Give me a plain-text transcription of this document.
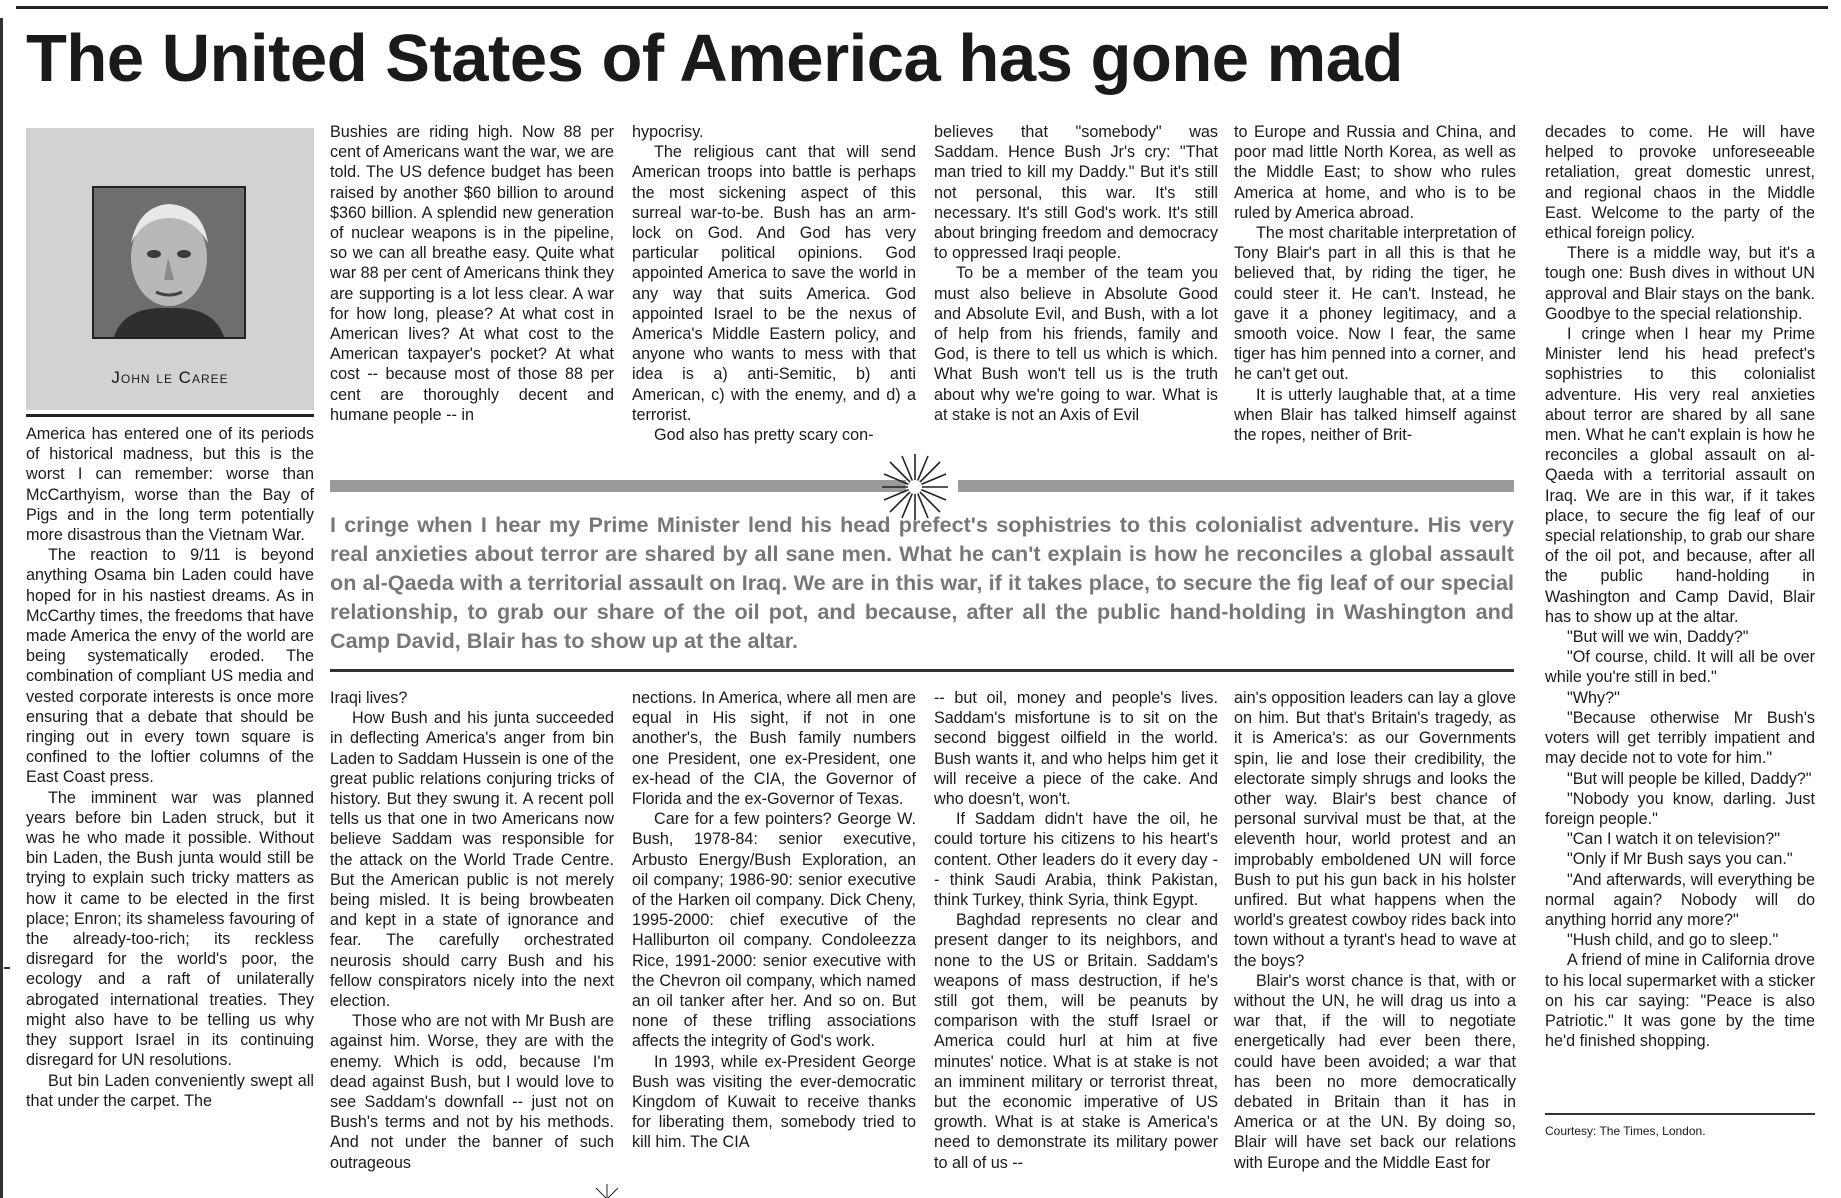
The United States of America has gone mad
John le Caree

America has entered one of its periods of historical madness, but this is the worst I can remember: worse than McCarthyism, worse than the Bay of Pigs and in the long term potentially more disastrous than the Vietnam War.

The reaction to 9/11 is beyond anything Osama bin Laden could have hoped for in his nastiest dreams. As in McCarthy times, the freedoms that have made America the envy of the world are being systematically eroded. The combination of compliant US media and vested corporate interests is once more ensuring that a debate that should be ringing out in every town square is confined to the loftier columns of the East Coast press.

The imminent war was planned years before bin Laden struck, but it was he who made it possible. Without bin Laden, the Bush junta would still be trying to explain such tricky matters as how it came to be elected in the first place; Enron; its shameless favouring of the already-too-rich; its reckless disregard for the world's poor, the ecology and a raft of unilaterally abrogated international treaties. They might also have to be telling us why they support Israel in its continuing disregard for UN resolutions.

But bin Laden conveniently swept all that under the carpet. The

Bushies are riding high. Now 88 per cent of Americans want the war, we are told. The US defence budget has been raised by another $60 billion to around $360 billion. A splendid new generation of nuclear weapons is in the pipeline, so we can all breathe easy. Quite what war 88 per cent of Americans think they are supporting is a lot less clear. A war for how long, please? At what cost in American lives? At what cost to the American taxpayer's pocket? At what cost -- because most of those 88 per cent are thoroughly decent and humane people -- in

hypocrisy.

The religious cant that will send American troops into battle is perhaps the most sickening aspect of this surreal war-to-be. Bush has an arm-lock on God. And God has very particular political opinions. God appointed America to save the world in any way that suits America. God appointed Israel to be the nexus of America's Middle Eastern policy, and anyone who wants to mess with that idea is a) anti-Semitic, b) anti American, c) with the enemy, and d) a terrorist.

God also has pretty scary con-

believes that "somebody" was Saddam. Hence Bush Jr's cry: "That man tried to kill my Daddy." But it's still not personal, this war. It's still necessary. It's still God's work. It's still about bringing freedom and democracy to oppressed Iraqi people.

To be a member of the team you must also believe in Absolute Good and Absolute Evil, and Bush, with a lot of help from his friends, family and God, is there to tell us which is which. What Bush won't tell us is the truth about why we're going to war. What is at stake is not an Axis of Evil

to Europe and Russia and China, and poor mad little North Korea, as well as the Middle East; to show who rules America at home, and who is to be ruled by America abroad.

The most charitable interpretation of Tony Blair's part in all this is that he believed that, by riding the tiger, he could steer it. He can't. Instead, he gave it a phoney legitimacy, and a smooth voice. Now I fear, the same tiger has him penned into a corner, and he can't get out.

It is utterly laughable that, at a time when Blair has talked himself against the ropes, neither of Brit-

I cringe when I hear my Prime Minister lend his head prefect's sophistries to this colonialist adventure. His very real anxieties about terror are shared by all sane men. What he can't explain is how he reconciles a global assault on al-Qaeda with a territorial assault on Iraq. We are in this war, if it takes place, to secure the fig leaf of our special relationship, to grab our share of the oil pot, and because, after all the public hand-holding in Washington and Camp David, Blair has to show up at the altar.

Iraqi lives?

How Bush and his junta succeeded in deflecting America's anger from bin Laden to Saddam Hussein is one of the great public relations conjuring tricks of history. But they swung it. A recent poll tells us that one in two Americans now believe Saddam was responsible for the attack on the World Trade Centre. But the American public is not merely being misled. It is being browbeaten and kept in a state of ignorance and fear. The carefully orchestrated neurosis should carry Bush and his fellow conspirators nicely into the next election.

Those who are not with Mr Bush are against him. Worse, they are with the enemy. Which is odd, because I'm dead against Bush, but I would love to see Saddam's downfall -- just not on Bush's terms and not by his methods. And not under the banner of such outrageous

nections. In America, where all men are equal in His sight, if not in one another's, the Bush family numbers one President, one ex-President, one ex-head of the CIA, the Governor of Florida and the ex-Governor of Texas.

Care for a few pointers? George W. Bush, 1978-84: senior executive, Arbusto Energy/Bush Exploration, an oil company; 1986-90: senior executive of the Harken oil company. Dick Cheny, 1995-2000: chief executive of the Halliburton oil company. Condoleezza Rice, 1991-2000: senior executive with the Chevron oil company, which named an oil tanker after her. And so on. But none of these trifling associations affects the integrity of God's work.

In 1993, while ex-President George Bush was visiting the ever-democratic Kingdom of Kuwait to receive thanks for liberating them, somebody tried to kill him. The CIA

-- but oil, money and people's lives. Saddam's misfortune is to sit on the second biggest oilfield in the world. Bush wants it, and who helps him get it will receive a piece of the cake. And who doesn't, won't.

If Saddam didn't have the oil, he could torture his citizens to his heart's content. Other leaders do it every day -- think Saudi Arabia, think Pakistan, think Turkey, think Syria, think Egypt.

Baghdad represents no clear and present danger to its neighbors, and none to the US or Britain. Saddam's weapons of mass destruction, if he's still got them, will be peanuts by comparison with the stuff Israel or America could hurl at him at five minutes' notice. What is at stake is not an imminent military or terrorist threat, but the economic imperative of US growth. What is at stake is America's need to demonstrate its military power to all of us --

ain's opposition leaders can lay a glove on him. But that's Britain's tragedy, as it is America's: as our Governments spin, lie and lose their credibility, the electorate simply shrugs and looks the other way. Blair's best chance of personal survival must be that, at the eleventh hour, world protest and an improbably emboldened UN will force Bush to put his gun back in his holster unfired. But what happens when the world's greatest cowboy rides back into town without a tyrant's head to wave at the boys?

Blair's worst chance is that, with or without the UN, he will drag us into a war that, if the will to negotiate energetically had ever been there, could have been avoided; a war that has been no more democratically debated in Britain than it has in America or at the UN. By doing so, Blair will have set back our relations with Europe and the Middle East for

decades to come. He will have helped to provoke unforeseeable retaliation, great domestic unrest, and regional chaos in the Middle East. Welcome to the party of the ethical foreign policy.

There is a middle way, but it's a tough one: Bush dives in without UN approval and Blair stays on the bank. Goodbye to the special relationship.

I cringe when I hear my Prime Minister lend his head prefect's sophistries to this colonialist adventure. His very real anxieties about terror are shared by all sane men. What he can't explain is how he reconciles a global assault on al-Qaeda with a territorial assault on Iraq. We are in this war, if it takes place, to secure the fig leaf of our special relationship, to grab our share of the oil pot, and because, after all the public hand-holding in Washington and Camp David, Blair has to show up at the altar.

"But will we win, Daddy?"

"Of course, child. It will all be over while you're still in bed."

"Why?"

"Because otherwise Mr Bush's voters will get terribly impatient and may decide not to vote for him."

"But will people be killed, Daddy?"

"Nobody you know, darling. Just foreign people."

"Can I watch it on television?"

"Only if Mr Bush says you can."

"And afterwards, will everything be normal again? Nobody will do anything horrid any more?"

"Hush child, and go to sleep."

A friend of mine in California drove to his local supermarket with a sticker on his car saying: "Peace is also Patriotic." It was gone by the time he'd finished shopping.

Courtesy: The Times, London.
